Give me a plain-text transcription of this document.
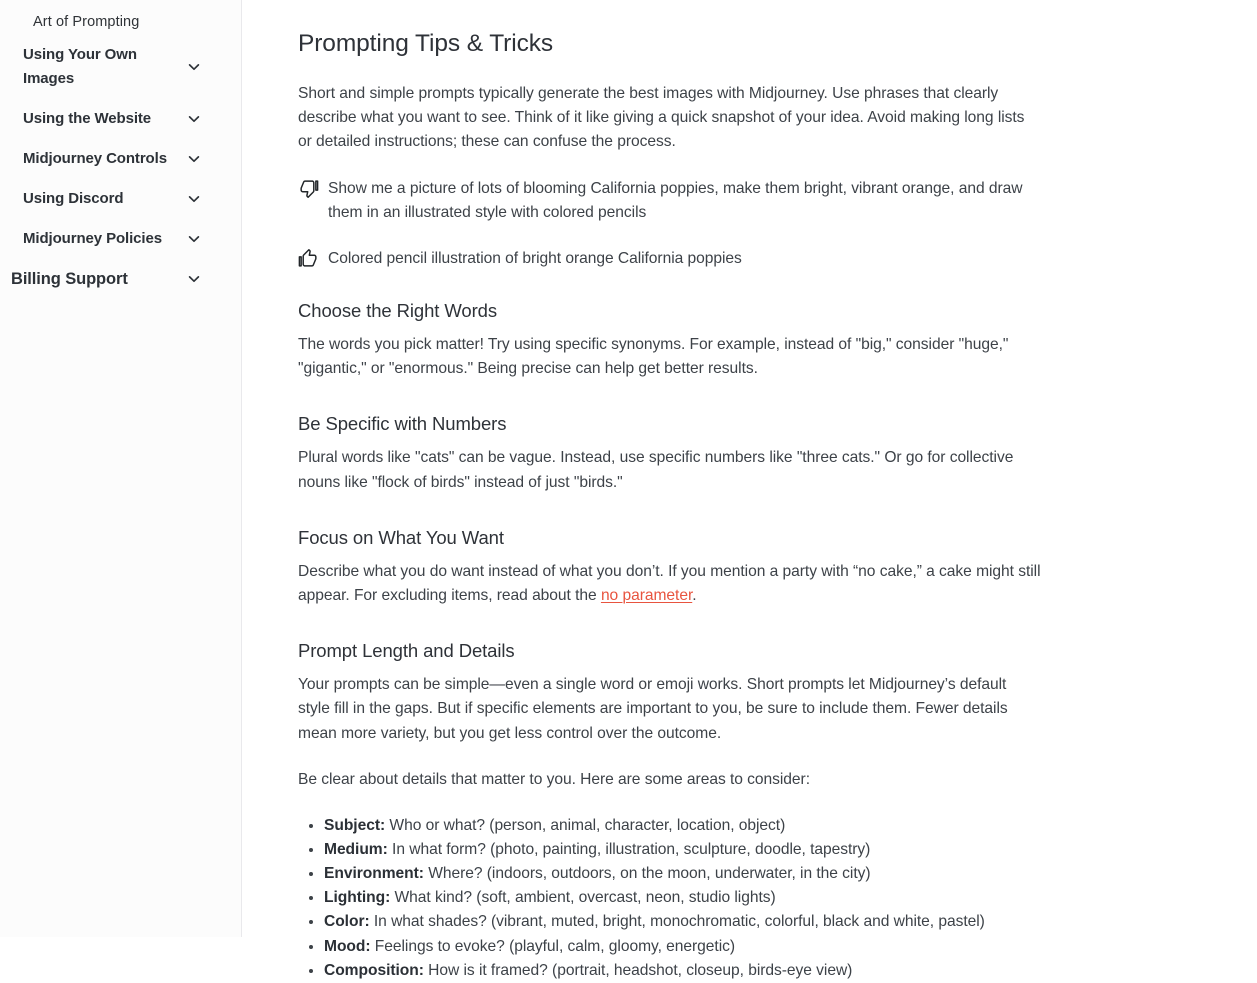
Art of Prompting
Using Your Own Images
Using the Website
Midjourney Controls
Using Discord
Midjourney Policies
Billing Support
Prompting Tips & Tricks

Short and simple prompts typically generate the best images with Midjourney. Use phrases that clearly describe what you want to see. Think of it like giving a quick snapshot of your idea. Avoid making long lists or detailed instructions; these can confuse the process.

Show me a picture of lots of blooming California poppies, make them bright, vibrant orange, and draw them in an illustrated style with colored pencils
Colored pencil illustration of bright orange California poppies
Choose the Right Words

The words you pick matter! Try using specific synonyms. For example, instead of "big," consider "huge," "gigantic," or "enormous." Being precise can help get better results.

Be Specific with Numbers

Plural words like "cats" can be vague. Instead, use specific numbers like "three cats." Or go for collective nouns like "flock of birds" instead of just "birds."

Focus on What You Want

Describe what you do want instead of what you don’t. If you mention a party with “no cake,” a cake might still appear. For excluding items, read about the no parameter.

Prompt Length and Details

Your prompts can be simple—even a single word or emoji works. Short prompts let Midjourney’s default style fill in the gaps. But if specific elements are important to you, be sure to include them. Fewer details mean more variety, but you get less control over the outcome.

Be clear about details that matter to you. Here are some areas to consider:

• Subject: Who or what? (person, animal, character, location, object)
• Medium: In what form? (photo, painting, illustration, sculpture, doodle, tapestry)
• Environment: Where? (indoors, outdoors, on the moon, underwater, in the city)
• Lighting: What kind? (soft, ambient, overcast, neon, studio lights)
• Color: In what shades? (vibrant, muted, bright, monochromatic, colorful, black and white, pastel)
• Mood: Feelings to evoke? (playful, calm, gloomy, energetic)
• Composition: How is it framed? (portrait, headshot, closeup, birds-eye view)
